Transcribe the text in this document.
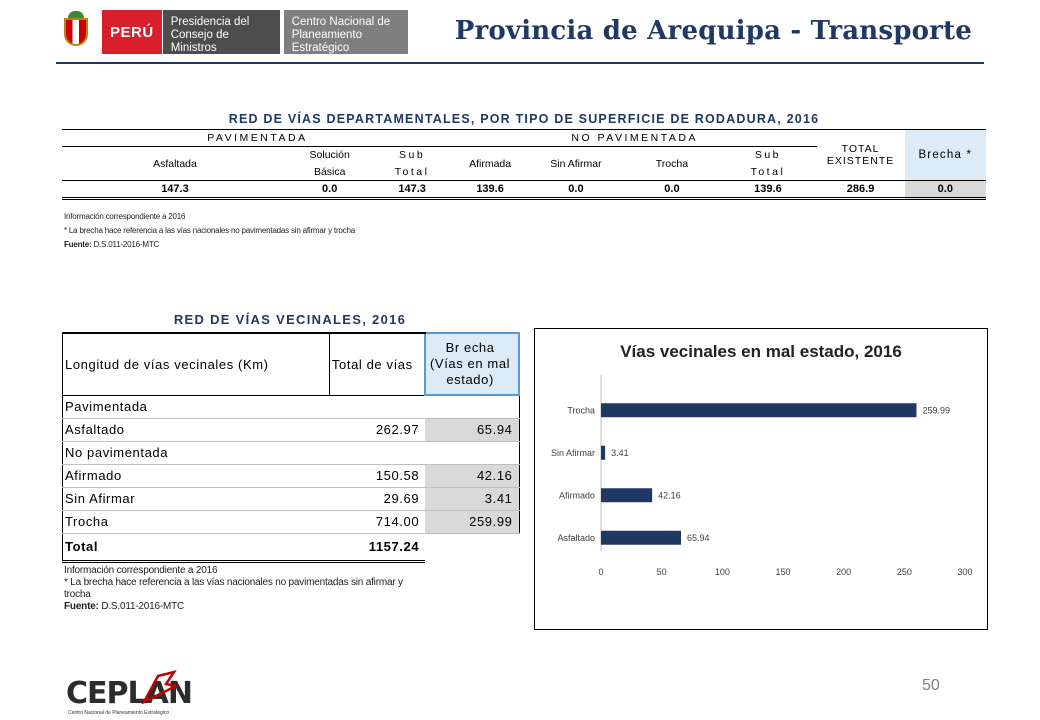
PERÚ
Presidencia del Consejo de Ministros
Centro Nacional de Planeamiento Estratégico
Provincia de Arequipa - Transporte
RED DE VÍAS DEPARTAMENTALES, POR TIPO DE SUPERFICIE DE RODADURA, 2016
PAVIMENTADA			NO PAVIMENTADA				TOTAL EXISTENTE	Brecha *
Asfaltada	Solución	Sub	Afirmada	Sin Afirmar	Trocha	Sub		
	Básica	Total				Total		
147.3	0.0	147.3	139.6	0.0	0.0	139.6	286.9	0.0
Información correspondiente a 2016
* La brecha hace referencia a las vías nacionales no pavimentadas sin afirmar y trocha
Fuente: D.S.011-2016-MTC
RED DE VÍAS VECINALES, 2016
Longitud de vías vecinales (Km)	Total de vías	Br echa (Vías en mal estado)
Pavimentada		
Asfaltado	262.97	65.94
No pavimentada		
Afirmado	150.58	42.16
Sin Afirmar	29.69	3.41
Trocha	714.00	259.99
Total	1157.24	
Información correspondiente a 2016
* La brecha hace referencia a las vías nacionales no pavimentadas sin afirmar y trocha
Fuente: D.S.011-2016-MTC
Vías vecinales en mal estado, 2016
Trocha	259.99
Sin Afirmar 3.41
Afirmado	42.16
Asfaltado	65.94
0	50	100	150	200	250	300
CEPLAN
Centro Nacional de Planeamiento Estratégico
50
